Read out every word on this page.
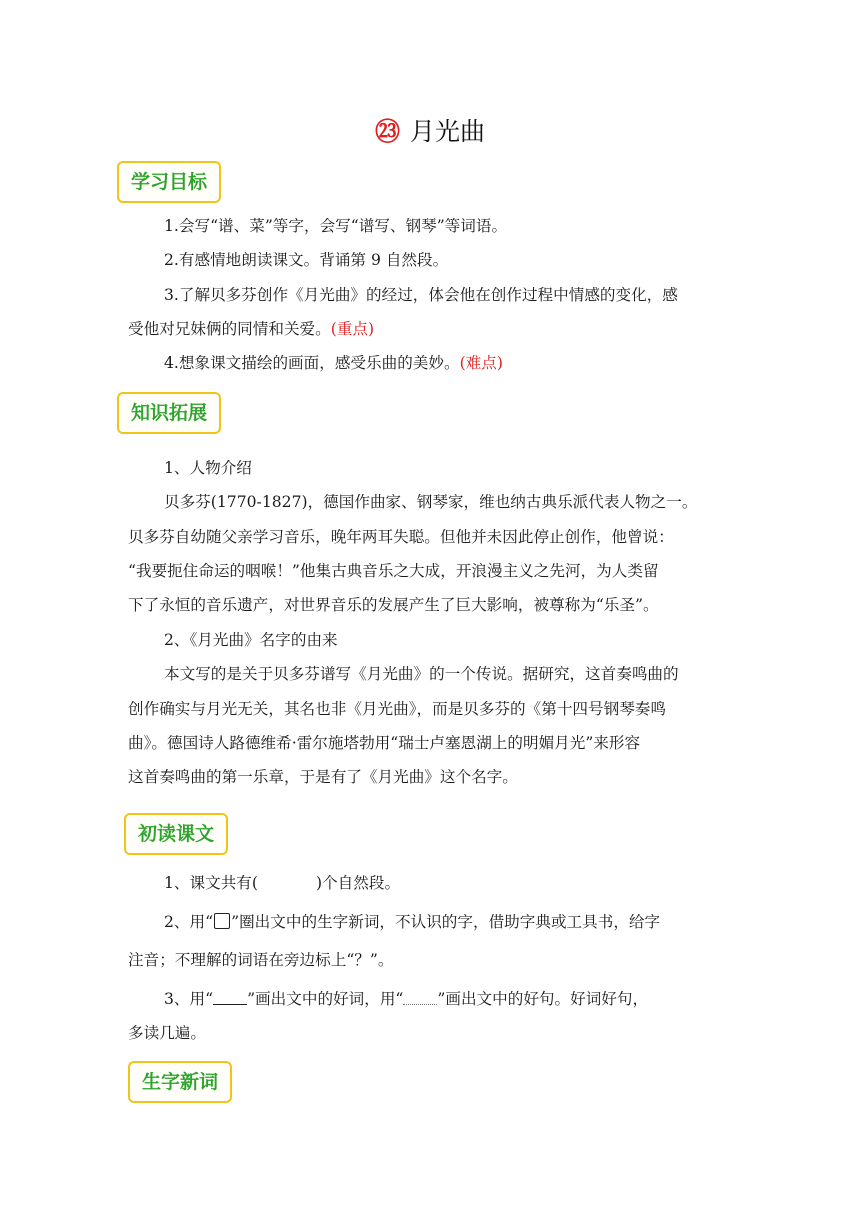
㉓ 月光曲
学习目标
1.会写“谱、菜”等字，会写“谱写、钢琴”等词语。
2.有感情地朗读课文。背诵第 9 自然段。
3.了解贝多芬创作《月光曲》的经过，体会他在创作过程中情感的变化，感
受他对兄妹俩的同情和关爱。(重点)
4.想象课文描绘的画面，感受乐曲的美妙。(难点)
知识拓展
1、人物介绍
贝多芬(1770-1827)，德国作曲家、钢琴家，维也纳古典乐派代表人物之一。
贝多芬自幼随父亲学习音乐，晚年两耳失聪。但他并未因此停止创作，他曾说：
“我要扼住命运的咽喉！”他集古典音乐之大成，开浪漫主义之先河，为人类留
下了永恒的音乐遗产，对世界音乐的发展产生了巨大影响，被尊称为“乐圣”。
2、《月光曲》名字的由来
本文写的是关于贝多芬谱写《月光曲》的一个传说。据研究，这首奏鸣曲的
创作确实与月光无关，其名也非《月光曲》，而是贝多芬的《第十四号钢琴奏鸣
曲》。德国诗人路德维希·雷尔施塔勃用“瑞士卢塞恩湖上的明媚月光”来形容
这首奏鸣曲的第一乐章，于是有了《月光曲》这个名字。
初读课文
1、课文共有(	)个自然段。
2、用“ ”圈出文中的生字新词，不认识的字，借助字典或工具书，给字
注音；不理解的词语在旁边标上“？”。
3、用“ ”画出文中的好词，用“ ”画出文中的好句。好词好句，
多读几遍。
生字新词
